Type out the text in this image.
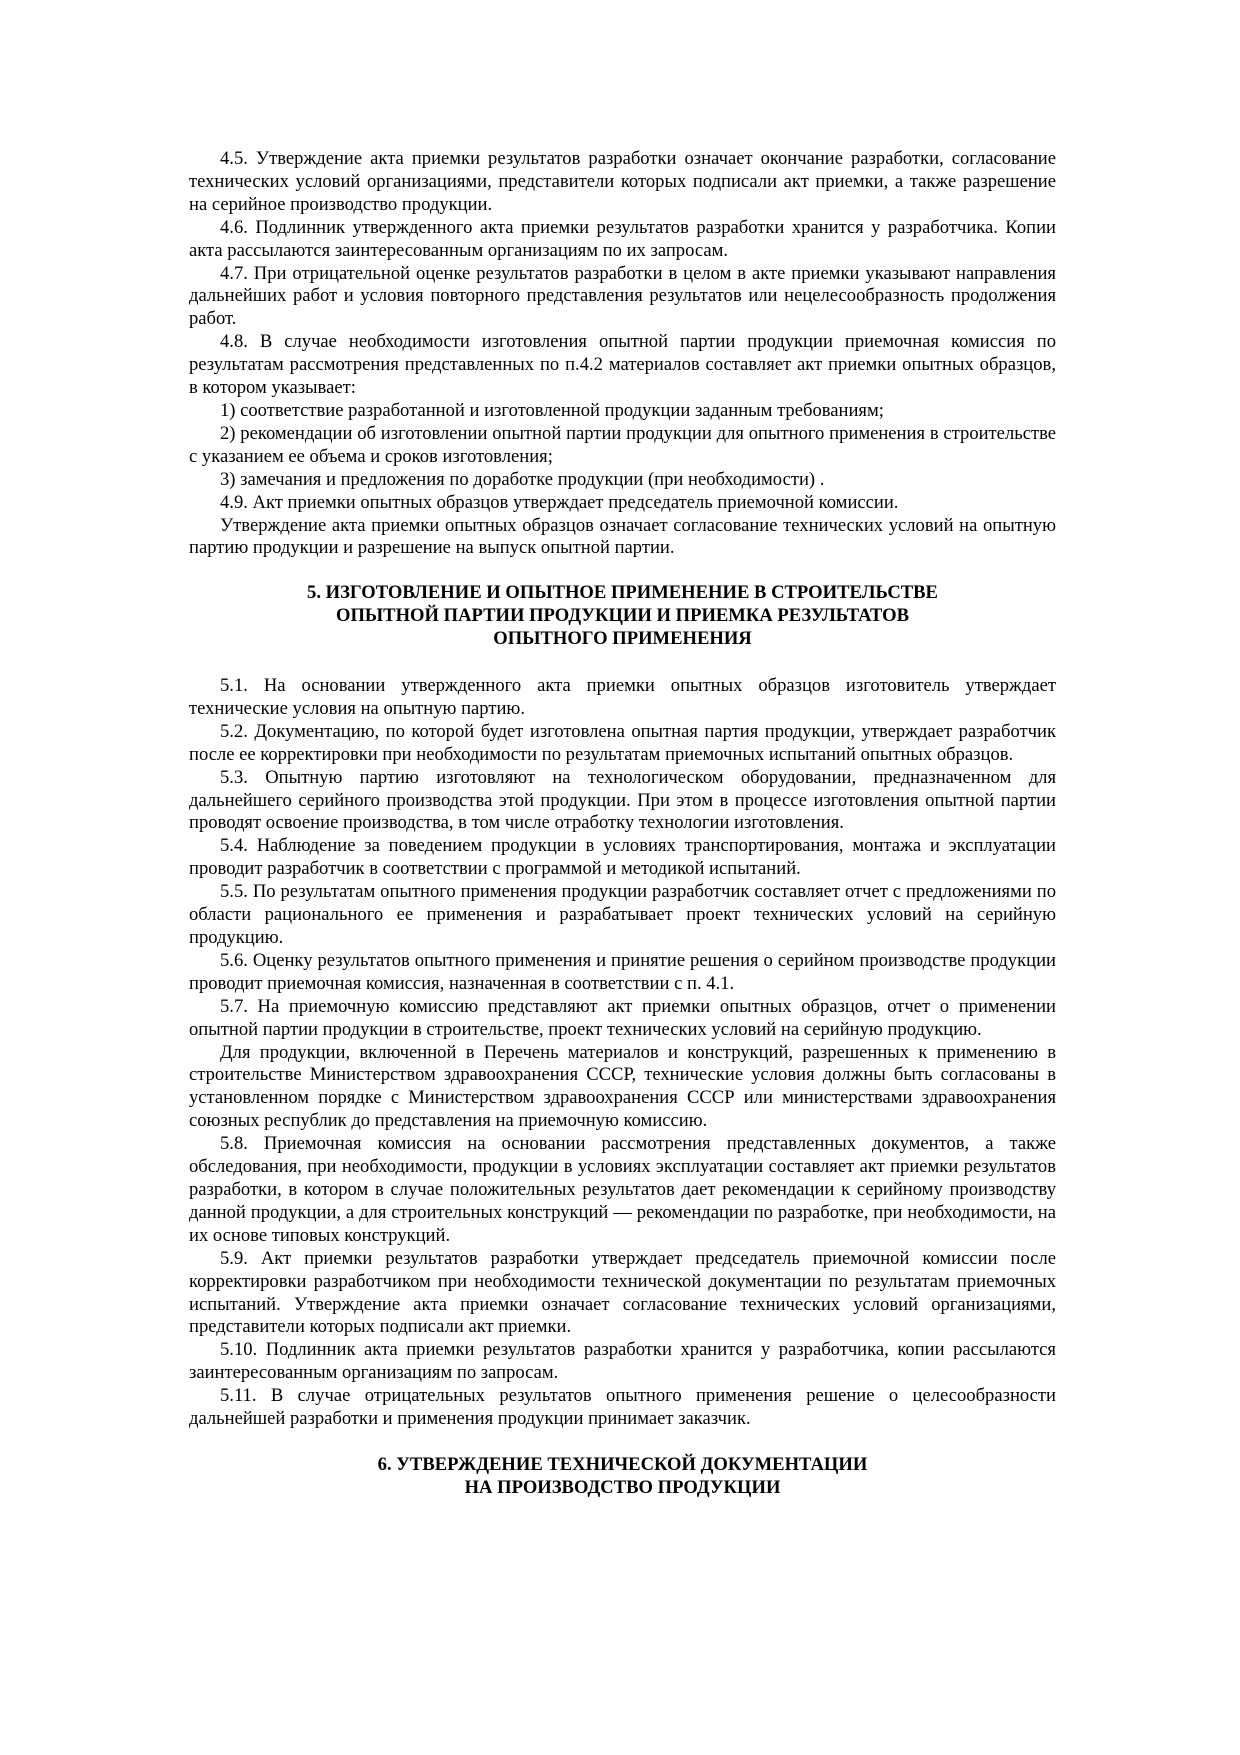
4.5. Утверждение акта приемки результатов разработки означает окончание разработки, согласование технических условий организациями, представители которых подписали акт приемки, а также разрешение на серийное производство продукции.

4.6. Подлинник утвержденного акта приемки результатов разработки хранится у разработчика. Копии акта рассылаются заинтересованным организациям по их запросам.

4.7. При отрицательной оценке результатов разработки в целом в акте приемки указывают направления дальнейших работ и условия повторного представления результатов или нецелесообразность продолжения работ.

4.8. В случае необходимости изготовления опытной партии продукции приемочная комиссия по результатам рассмотрения представленных по п.4.2 материалов составляет акт приемки опытных образцов, в котором указывает:

1) соответствие разработанной и изготовленной продукции заданным требованиям;

2) рекомендации об изготовлении опытной партии продукции для опытного применения в строительстве с указанием ее объема и сроков изготовления;

3) замечания и предложения по доработке продукции (при необходимости) .

4.9. Акт приемки опытных образцов утверждает председатель приемочной комиссии.

Утверждение акта приемки опытных образцов означает согласование технических условий на опытную партию продукции и разрешение на выпуск опытной партии.

5. ИЗГОТОВЛЕНИЕ И ОПЫТНОЕ ПРИМЕНЕНИЕ В СТРОИТЕЛЬСТВЕ
ОПЫТНОЙ ПАРТИИ ПРОДУКЦИИ И ПРИЕМКА РЕЗУЛЬТАТОВ
ОПЫТНОГО ПРИМЕНЕНИЯ

5.1. На основании утвержденного акта приемки опытных образцов изготовитель утверждает технические условия на опытную партию.

5.2. Документацию, по которой будет изготовлена опытная партия продукции, утверждает разработчик после ее корректировки при необходимости по результатам приемочных испытаний опытных образцов.

5.3. Опытную партию изготовляют на технологическом оборудовании, предназначенном для дальнейшего серийного производства этой продукции. При этом в процессе изготовления опытной партии проводят освоение производства, в том числе отработку технологии изготовления.

5.4. Наблюдение за поведением продукции в условиях транспортирования, монтажа и эксплуатации проводит разработчик в соответствии с программой и методикой испытаний.

5.5. По результатам опытного применения продукции разработчик составляет отчет с предложениями по области рационального ее применения и разрабатывает проект технических условий на серийную продукцию.

5.6. Оценку результатов опытного применения и принятие решения о серийном производстве продукции проводит приемочная комиссия, назначенная в соответствии с п. 4.1.

5.7. На приемочную комиссию представляют акт приемки опытных образцов, отчет о применении опытной партии продукции в строительстве, проект технических условий на серийную продукцию.

Для продукции, включенной в Перечень материалов и конструкций, разрешенных к применению в строительстве Министерством здравоохранения СССР, технические условия должны быть согласованы в установленном порядке с Министерством здравоохранения СССР или министерствами здравоохранения союзных республик до представления на приемочную комиссию.

5.8. Приемочная комиссия на основании рассмотрения представленных документов, а также обследования, при необходимости, продукции в условиях эксплуатации составляет акт приемки результатов разработки, в котором в случае положительных результатов дает рекомендации к серийному производству данной продукции, а для строительных конструкций — рекомендации по разработке, при необходимости, на их основе типовых конструкций.

5.9. Акт приемки результатов разработки утверждает председатель приемочной комиссии после корректировки разработчиком при необходимости технической документации по результатам приемочных испытаний. Утверждение акта приемки означает согласование технических условий организациями, представители которых подписали акт приемки.

5.10. Подлинник акта приемки результатов разработки хранится у разработчика, копии рассылаются заинтересованным организациям по запросам.

5.11. В случае отрицательных результатов опытного применения решение о целесообразности дальнейшей разработки и применения продукции принимает заказчик.

6. УТВЕРЖДЕНИЕ ТЕХНИЧЕСКОЙ ДОКУМЕНТАЦИИ
НА ПРОИЗВОДСТВО ПРОДУКЦИИ
